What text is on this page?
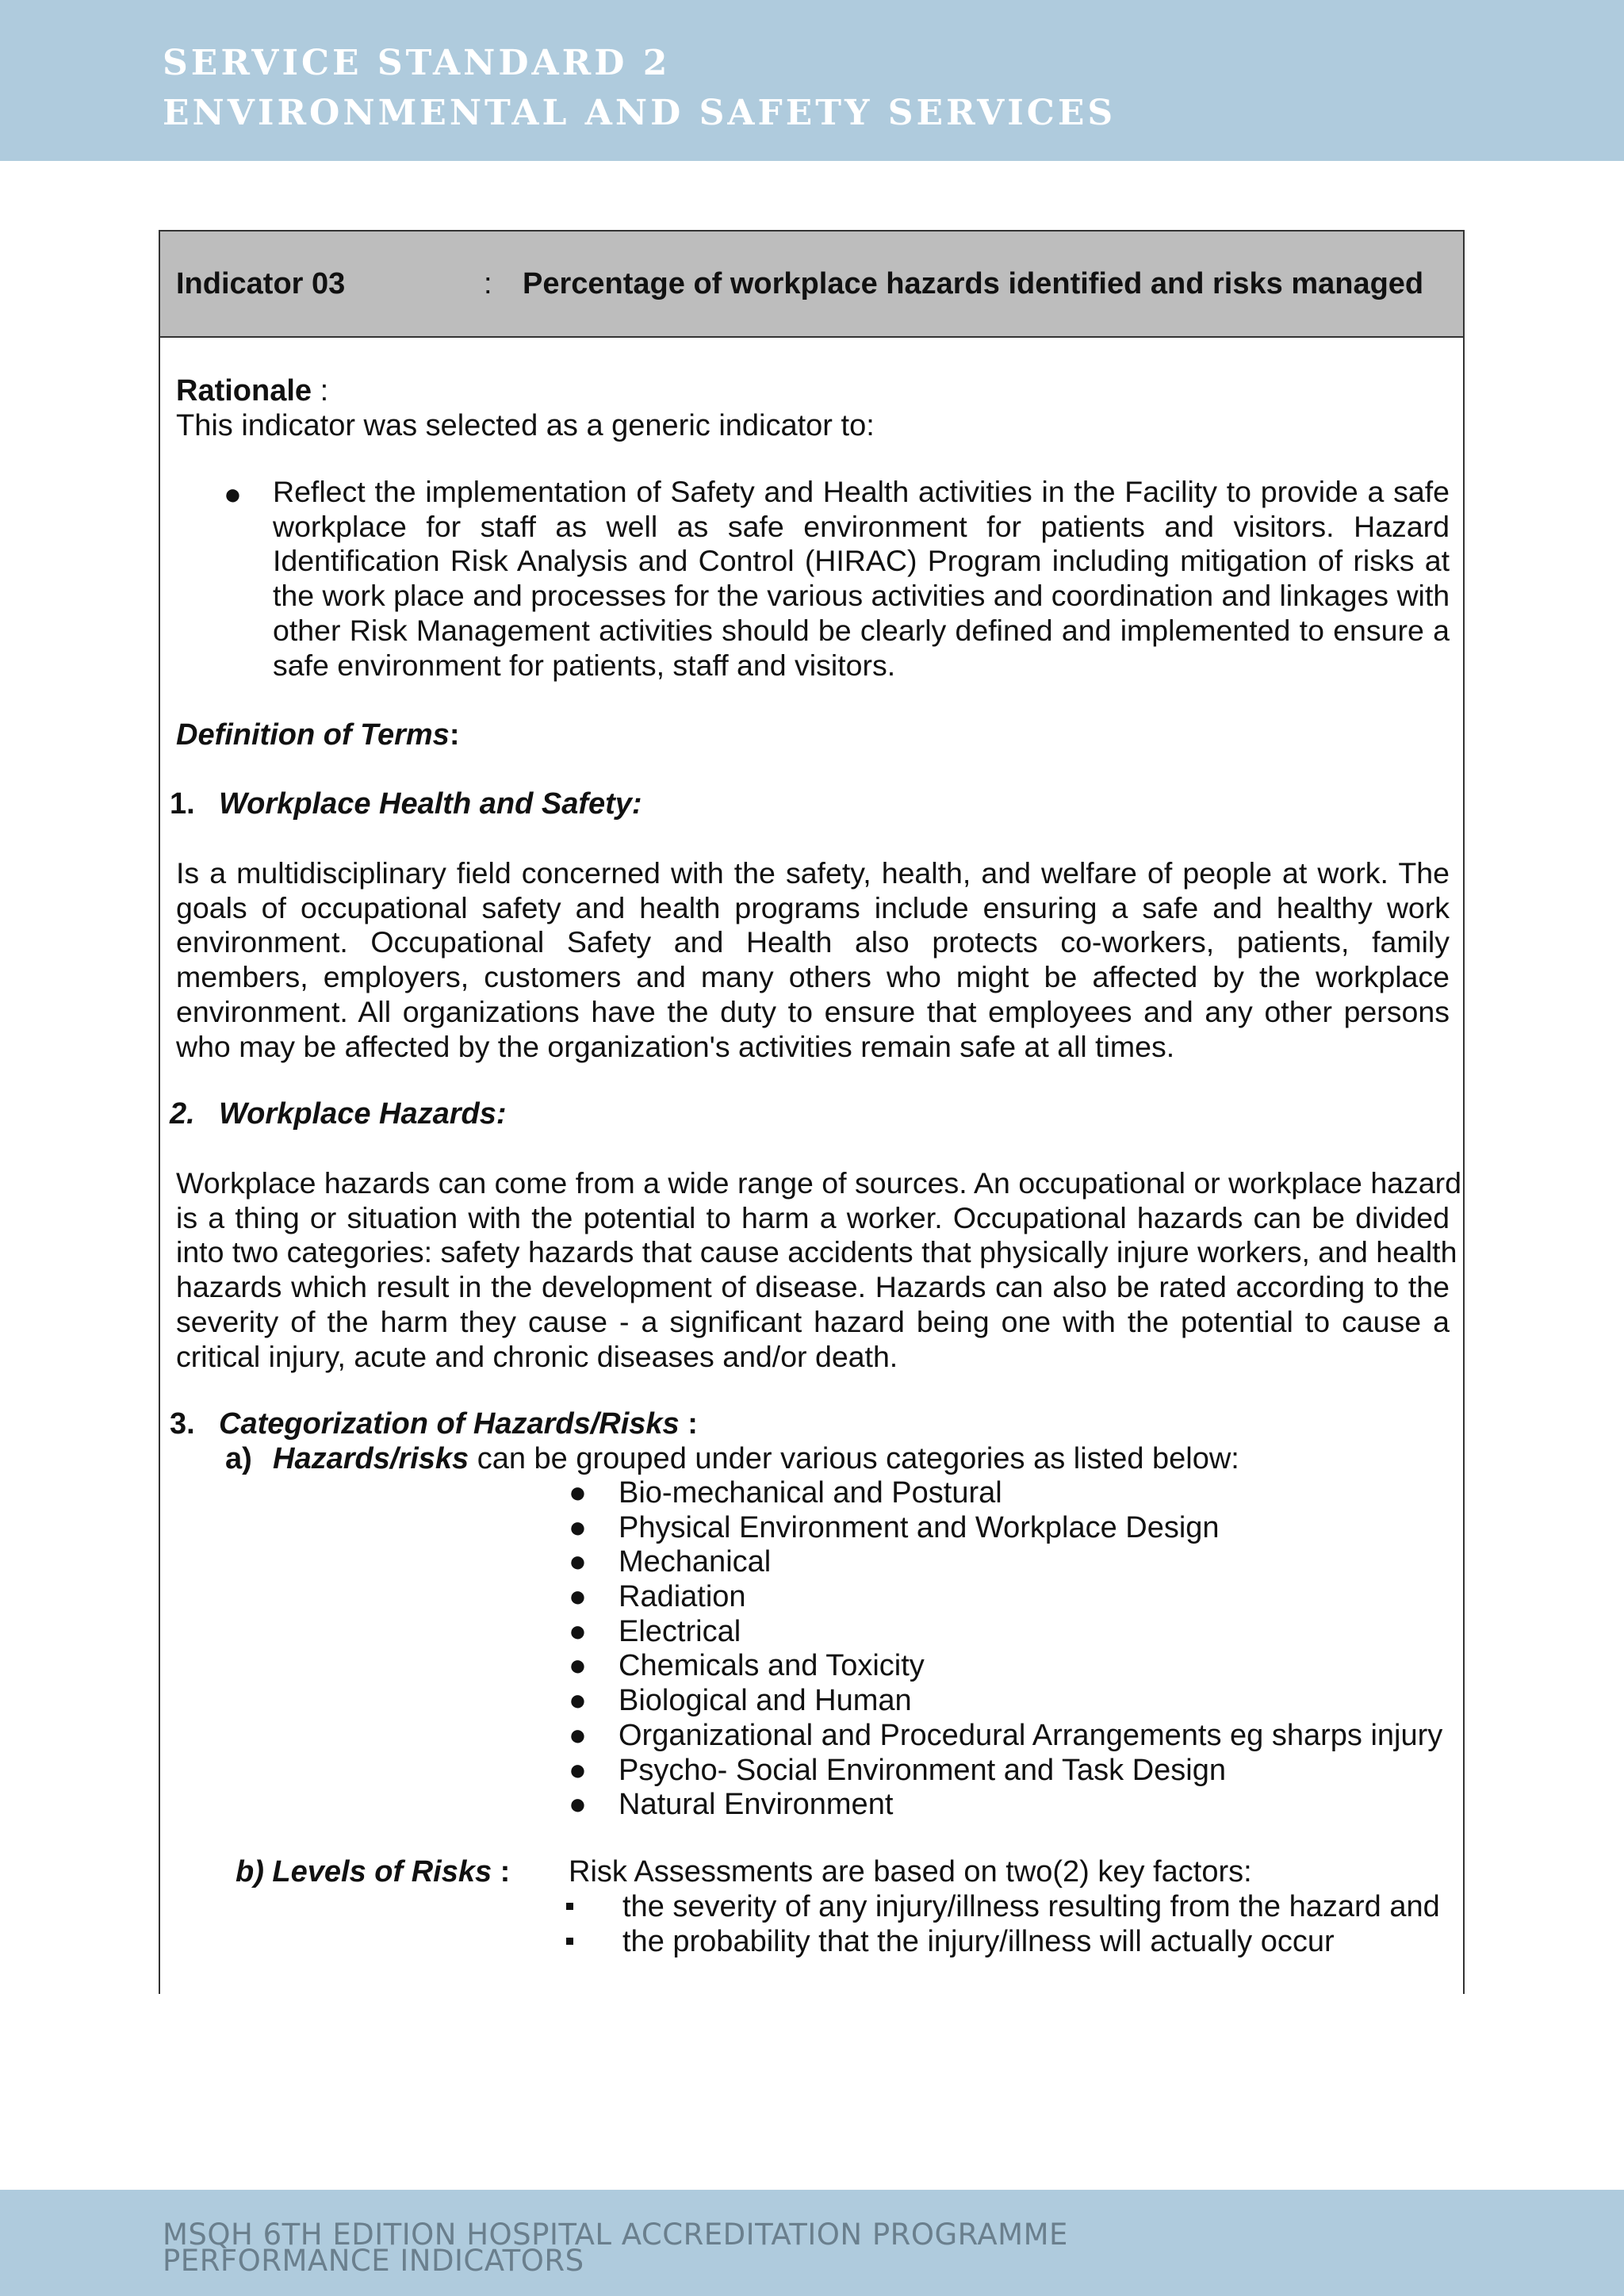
SERVICE STANDARD 2

ENVIRONMENTAL AND SAFETY SERVICES

Indicator 03	: Percentage of workplace hazards identified and risks managed

Rationale :

This indicator was selected as a generic indicator to:

● Reflect the implementation of Safety and Health activities in the Facility to provide a safe
workplace for staff as well as safe environment for patients and visitors. Hazard
Identification Risk Analysis and Control (HIRAC) Program including mitigation of risks at
the work place and processes for the various activities and coordination and linkages with
other Risk Management activities should be clearly defined and implemented to ensure a
safe environment for patients, staff and visitors.

Definition of Terms:

1. Workplace Health and Safety:

Is a multidisciplinary field concerned with the safety, health, and welfare of people at work. The
goals of occupational safety and health programs include ensuring a safe and healthy work
environment. Occupational Safety and Health also protects co-workers, patients, family
members, employers, customers and many others who might be affected by the workplace
environment. All organizations have the duty to ensure that employees and any other persons
who may be affected by the organization's activities remain safe at all times.

2. Workplace Hazards:

Workplace hazards can come from a wide range of sources. An occupational or workplace hazard
is a thing or situation with the potential to harm a worker. Occupational hazards can be divided
into two categories: safety hazards that cause accidents that physically injure workers, and health
hazards which result in the development of disease. Hazards can also be rated according to the
severity of the harm they cause - a significant hazard being one with the potential to cause a
critical injury, acute and chronic diseases and/or death.

3. Categorization of Hazards/Risks :

a) Hazards/risks can be grouped under various categories as listed below:

● Bio-mechanical and Postural
● Physical Environment and Workplace Design
● Mechanical
● Radiation
● Electrical
● Chemicals and Toxicity
● Biological and Human
● Organizational and Procedural Arrangements eg sharps injury
● Psycho- Social Environment and Task Design
● Natural Environment

b) Levels of Risks : Risk Assessments are based on two(2) key factors:

the severity of any injury/illness resulting from the hazard and

the probability that the injury/illness will actually occur

MSQH 6TH EDITION HOSPITAL ACCREDITATION PROGRAMME

PERFORMANCE INDICATORS
